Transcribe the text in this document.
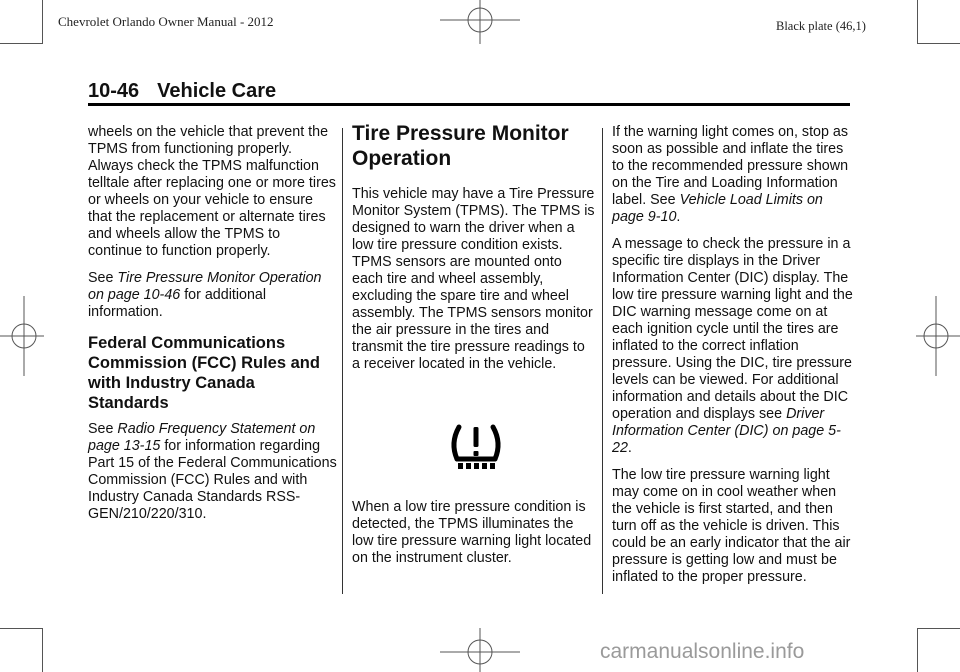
Chevrolet Orlando Owner Manual - 2012	Black plate (46,1)
10-46 Vehicle Care

wheels on the vehicle that prevent the TPMS from functioning properly. Always check the TPMS malfunction telltale after replacing one or more tires or wheels on your vehicle to ensure that the replacement or alternate tires and wheels allow the TPMS to continue to function properly.

See Tire Pressure Monitor Operation on page 10-46 for additional information.

Federal Communications Commission (FCC) Rules and with Industry Canada Standards

See Radio Frequency Statement on page 13-15 for information regarding Part 15 of the Federal Communications Commission (FCC) Rules and with Industry Canada Standards RSS-GEN/210/220/310.

Tire Pressure Monitor Operation

This vehicle may have a Tire Pressure Monitor System (TPMS). The TPMS is designed to warn the driver when a low tire pressure condition exists. TPMS sensors are mounted onto each tire and wheel assembly, excluding the spare tire and wheel assembly. The TPMS sensors monitor the air pressure in the tires and transmit the tire pressure readings to a receiver located in the vehicle.

When a low tire pressure condition is detected, the TPMS illuminates the low tire pressure warning light located on the instrument cluster.

If the warning light comes on, stop as soon as possible and inflate the tires to the recommended pressure shown on the Tire and Loading Information label. See Vehicle Load Limits on page 9-10.

A message to check the pressure in a specific tire displays in the Driver Information Center (DIC) display. The low tire pressure warning light and the DIC warning message come on at each ignition cycle until the tires are inflated to the correct inflation pressure. Using the DIC, tire pressure levels can be viewed. For additional information and details about the DIC operation and displays see Driver Information Center (DIC) on page 5-22.

The low tire pressure warning light may come on in cool weather when the vehicle is first started, and then turn off as the vehicle is driven. This could be an early indicator that the air pressure is getting low and must be inflated to the proper pressure.

carmanualsonline.info
